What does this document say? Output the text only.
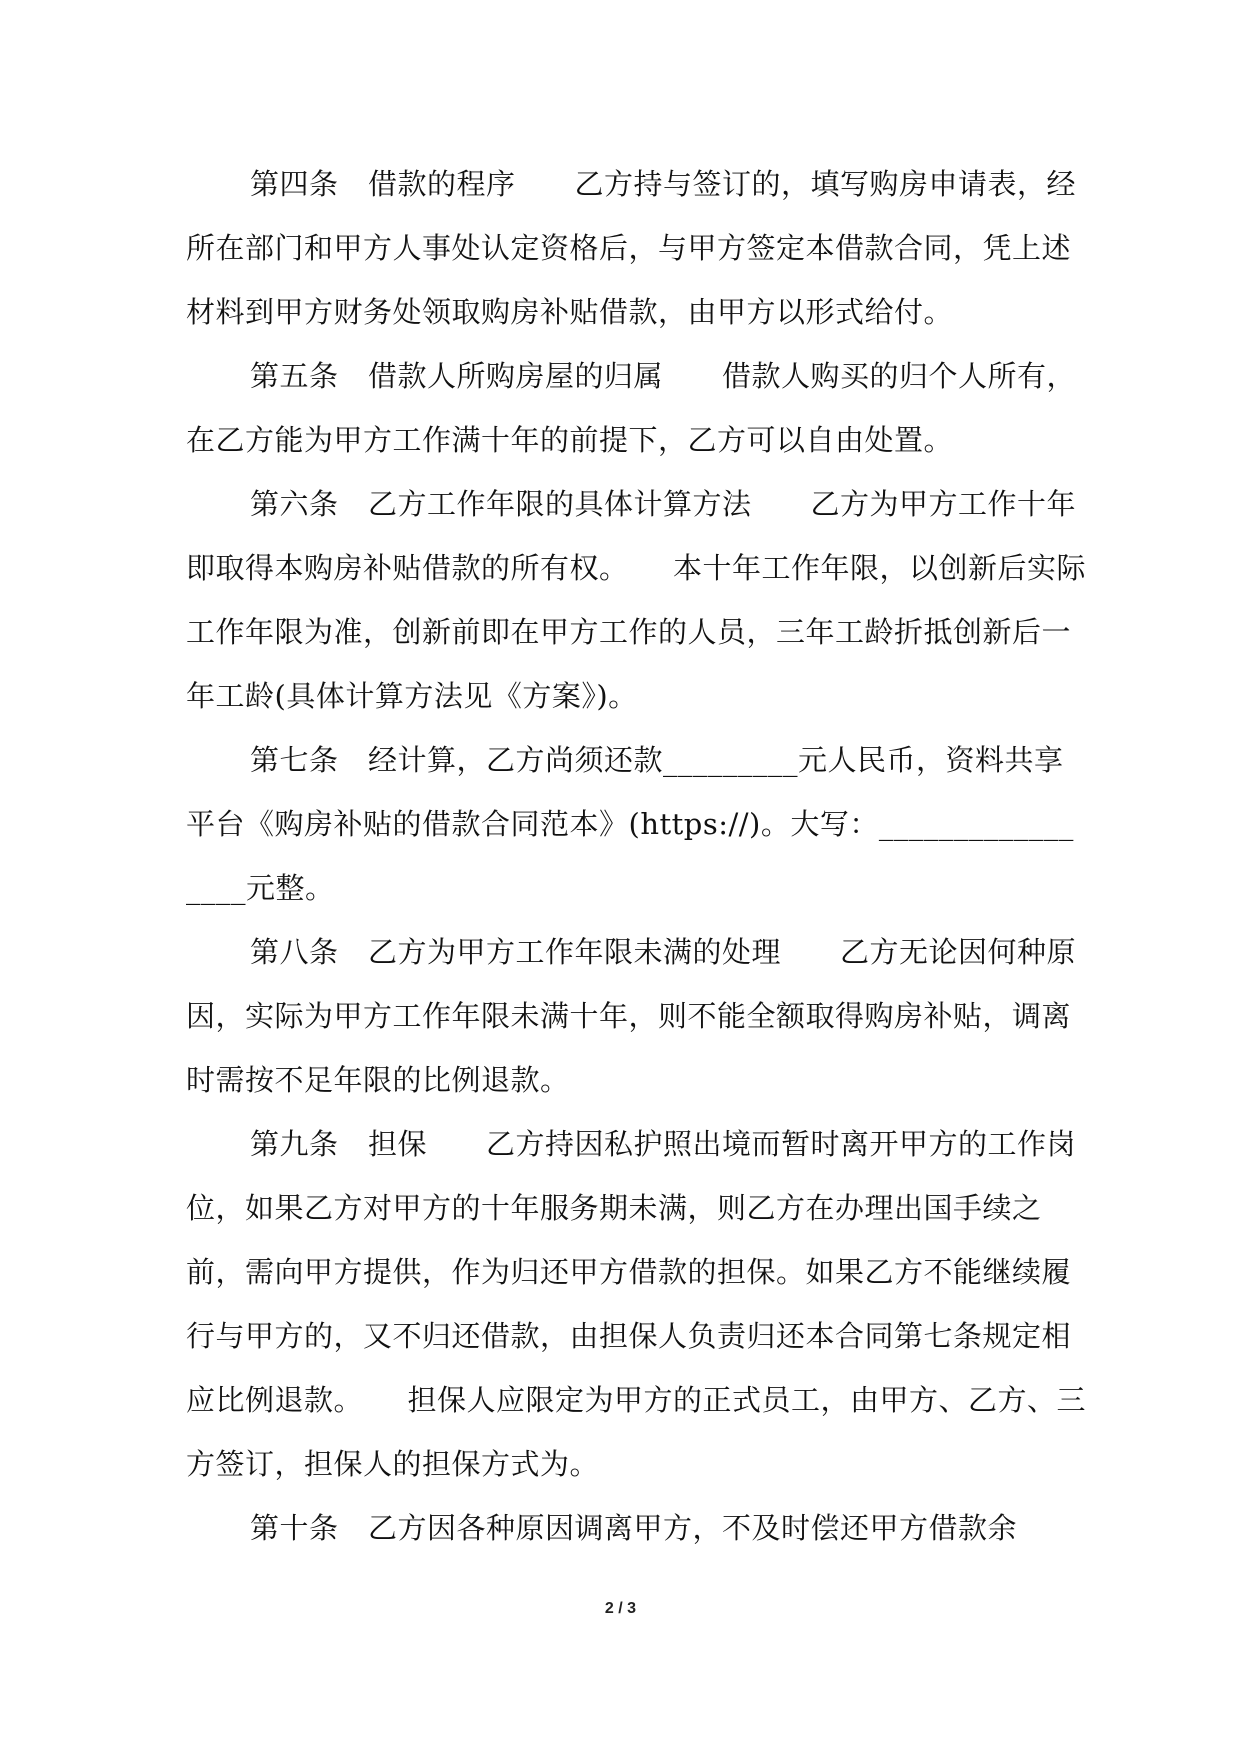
第四条　借款的程序　　乙方持与签订的，填写购房申请表，经所在部门和甲方人事处认定资格后，与甲方签定本借款合同，凭上述材料到甲方财务处领取购房补贴借款，由甲方以形式给付。

第五条　借款人所购房屋的归属　　借款人购买的归个人所有，在乙方能为甲方工作满十年的前提下，乙方可以自由处置。

第六条　乙方工作年限的具体计算方法　　乙方为甲方工作十年即取得本购房补贴借款的所有权。　　本十年工作年限，以创新后实际工作年限为准，创新前即在甲方工作的人员，三年工龄折抵创新后一年工龄(具体计算方法见《方案》)。

第七条　经计算，乙方尚须还款_________元人民币，资料共享平台《购房补贴的借款合同范本》(https://)。大写：_________________元整。

第八条　乙方为甲方工作年限未满的处理　　乙方无论因何种原因，实际为甲方工作年限未满十年，则不能全额取得购房补贴，调离时需按不足年限的比例退款。

第九条　担保　　乙方持因私护照出境而暂时离开甲方的工作岗位，如果乙方对甲方的十年服务期未满，则乙方在办理出国手续之前，需向甲方提供，作为归还甲方借款的担保。如果乙方不能继续履行与甲方的，又不归还借款，由担保人负责归还本合同第七条规定相应比例退款。　　担保人应限定为甲方的正式员工，由甲方、乙方、三方签订，担保人的担保方式为。

第十条　乙方因各种原因调离甲方，不及时偿还甲方借款余

2 / 3
